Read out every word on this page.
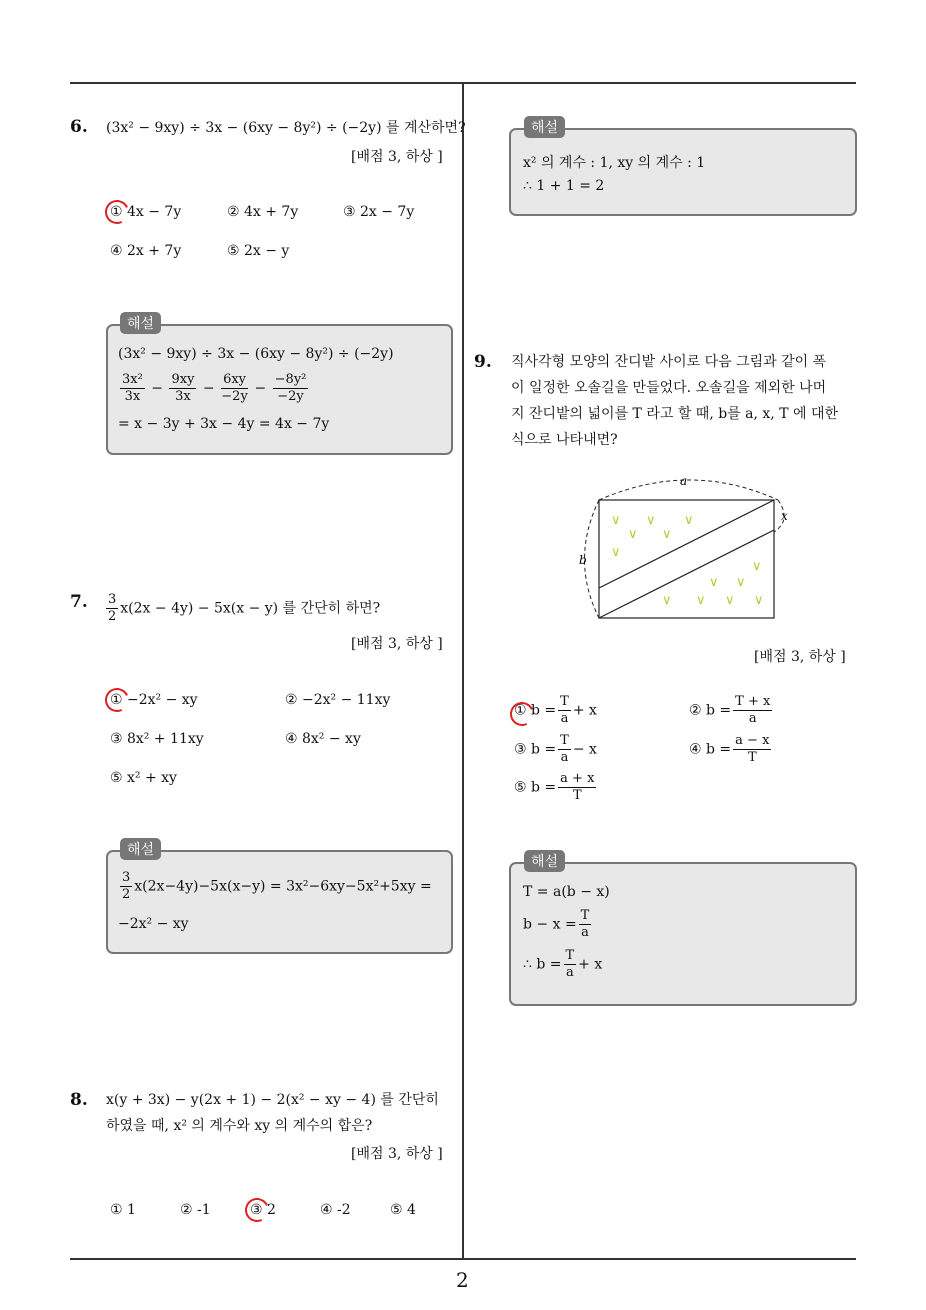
2
6. (3x² − 9xy) ÷ 3x − (6xy − 8y²) ÷ (−2y) 를 계산하면?
[배점 3, 하상 ]
① 4x − 7y	② 4x + 7y	③ 2x − 7y
④ 2x + 7y	⑤ 2x − y
(3x² − 9xy) ÷ 3x − (6xy − 8y²) ÷ (−2y)
$\frac{\text{3x²}}{3x} - \frac{9xy}{3x} - \frac{6xy}{-2y} - \frac{\text{−8y²}}{-2y}$
= x − 3y + 3x − 4y = 4x − 7y
해설
7. $\frac{3}{2} x(2x - 4y) - 5x(x - y)$ 를 간단히 하면?
[배점 3, 하상 ]
① −2x² − xy	② −2x² − 11xy
③ 8x² + 11xy	④ 8x² − xy
⑤ x² + xy
$\frac{3}{2} x(2x-4y)-5x(x-y) = 3x^2-6xy-5x^2+5xy$ =
−2x² − xy
해설
8. x(y + 3x) − y(2x + 1) − 2(x² − xy − 4) 를 간단히
하였을 때, x² 의 계수와 xy 의 계수의 합은?
[배점 3, 하상 ]
① 1	② -1	③ 2	④ -2	⑤ 4
x² 의 계수 : 1, xy 의 계수 : 1
∴ 1 + 1 = 2
해설
9. 직사각형 모양의 잔디밭 사이로 다음 그림과 같이 폭
이 일정한 오솔길을 만들었다. 오솔길을 제외한 나머
지 잔디밭의 넓이를 T 라고 할 때, b를 a, x, T 에 대한
식으로 나타내면?
a
b
x
∨ ∨ ∨
∨ ∨
∨
∨
∨ ∨
∨ ∨ ∨ ∨
[배점 3, 하상 ]
① $b = \frac{T}{a} + x$	② $b = \frac{T + x}{a}$
③ $b = \frac{T}{a} - x$	④ $b = \frac{a - x}{T}$
⑤ $b = \frac{a + x}{T}$
T = a(b − x)
$b - x = \frac{T}{a}$
∴ $b = \frac{T}{a} + x$
해설
